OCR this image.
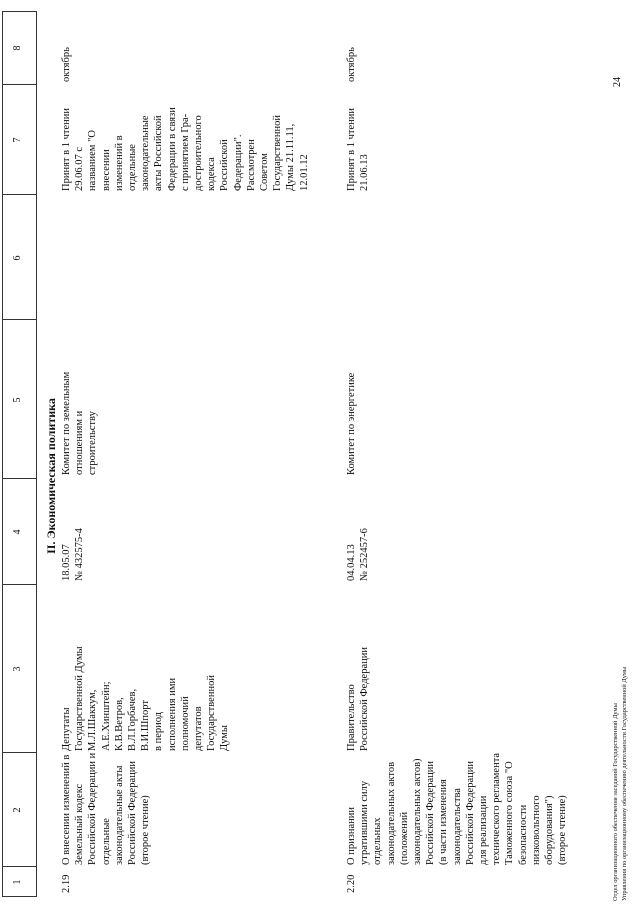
1
2
3
4
5
6
7
8
II. Экономическая политика
2.19
О внесении изменений в
Земельный кодекс
Российской Федерации и
отдельные
законодательные акты
Российской Федерации
(второе чтение)
Депутаты
Государственной Думы
М.Л.Шаккум,
А.Е.Хинштейн;
К.В.Ветров,
В.Л.Горбачев,
В.И.Шпорт
в период
исполнения ими
полномочий
депутатов
Государственной
Думы
18.05.07
№ 432575-4
Комитет по земельным
отношениям и
строительству
Принят в 1 чтении
29.06.07 с
названием "О
внесении
изменений в
отдельные
законодательные
акты Российской
Федерации в связи
с принятием Гра-
достроительного
кодекса
Российской
Федерации".
Рассмотрен
Советом
Государственной
Думы 21.11.11,
12.01.12
октябрь
2.20
О признании
утратившими силу
отдельных
законодательных актов
(положений
законодательных актов)
Российской Федерации
(в части изменения
законодательства
Российской Федерации
для реализации
технического регламента
Таможенного союза "О
безопасности
низковольтного
оборудования")
(второе чтение)
Правительство
Российской Федерации
04.04.13
№ 252457-6
Комитет по энергетике
Принят в 1 чтении
21.06.13
октябрь
Отдел организационного обеспечения заседаний Государственной Думы Управления по организационному обеспечению деятельности Государственной Думы
24
